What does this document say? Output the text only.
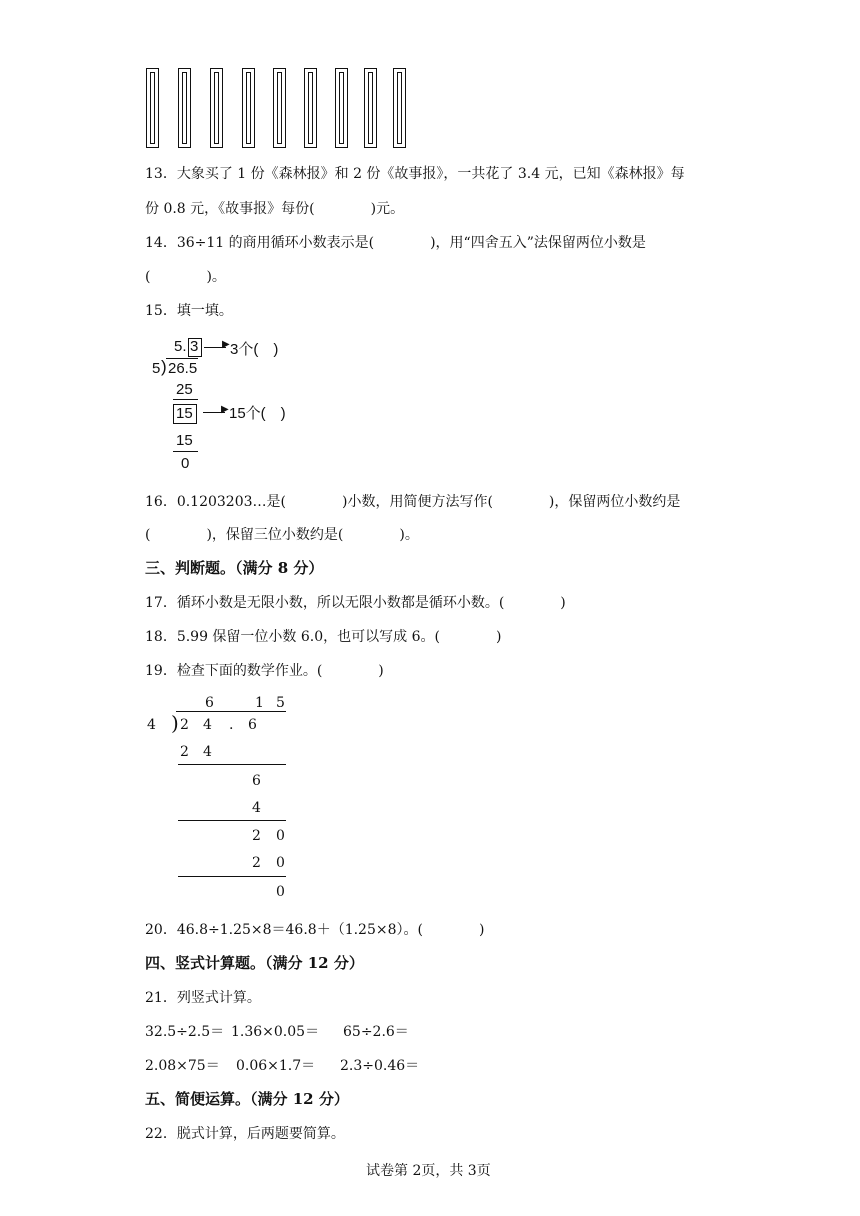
13．大象买了 1 份《森林报》和 2 份《故事报》，一共花了 3.4 元，已知《森林报》每
份 0.8 元，《故事报》每份(　　　　)元。
14．36÷11 的商用循环小数表示是(　　　　)，用“四舍五入”法保留两位小数是
(　　　　)。
15．填一填。
5. 3 ▶ 3个(　)
5 ) 26.5
25
15	▶ 15个(　)
15
0
16．0.1203203…是(　　　　)小数，用简便方法写作(　　　　)，保留两位小数约是
(　　　　)，保留三位小数约是(　　　　)。
三、判断题。（满分 8 分）
17．循环小数是无限小数，所以无限小数都是循环小数。(　　　　)
18．5.99 保留一位小数 6.0，也可以写成 6。(　　　　)
19．检查下面的数学作业。(　　　　)
6	1 5
4 ) 2 4 . 6
2 4
6
4
2 0
2 0
0
20．46.8÷1.25×8＝46.8＋（1.25×8）。(　　　　)
四、竖式计算题。（满分 12 分）
21．列竖式计算。
32.5÷2.5＝ 1.36×0.05＝ 65÷2.6＝
2.08×75＝ 0.06×1.7＝ 2.3÷0.46＝
五、简便运算。（满分 12 分）
22．脱式计算，后两题要简算。
试卷第 2页，共 3页
